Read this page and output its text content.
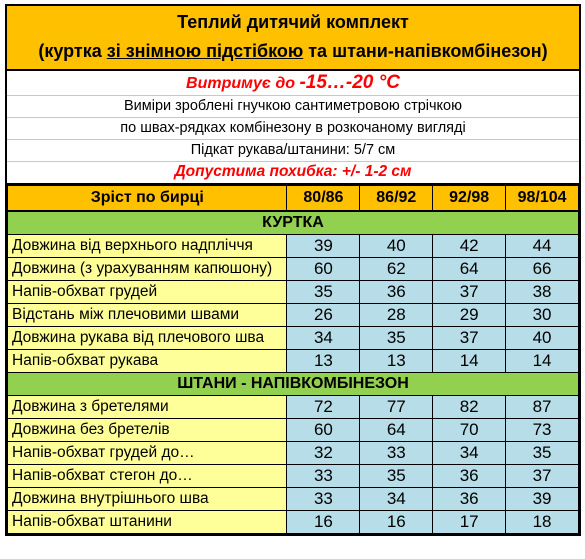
Теплий дитячий комплект
(куртка зі знімною підстібкою та штани-напівкомбінезон)
Витримує до -15…-20 °C
Виміри зроблені гнучкою сантиметровою стрічкою
по швах-рядках комбінезону в розкочаному вигляді
Підкат рукава/штанини: 5/7 см
Допустима похибка: +/- 1-2 см
Зріст по бирці	80/86	86/92	92/98	98/104
КУРТКА				
Довжина від верхнього надпліччя	39	40	42	44
Довжина (з урахуванням капюшону)	60	62	64	66
Напів-обхват грудей	35	36	37	38
Відстань між плечовими швами	26	28	29	30
Довжина рукава від плечового шва	34	35	37	40
Напів-обхват рукава	13	13	14	14
ШТАНИ - НАПІВКОМБІНЕЗОН				
Довжина з бретелями	72	77	82	87
Довжина без бретелів	60	64	70	73
Напів-обхват грудей до…	32	33	34	35
Напів-обхват стегон до…	33	35	36	37
Довжина внутрішнього шва	33	34	36	39
Напів-обхват штанини	16	16	17	18
